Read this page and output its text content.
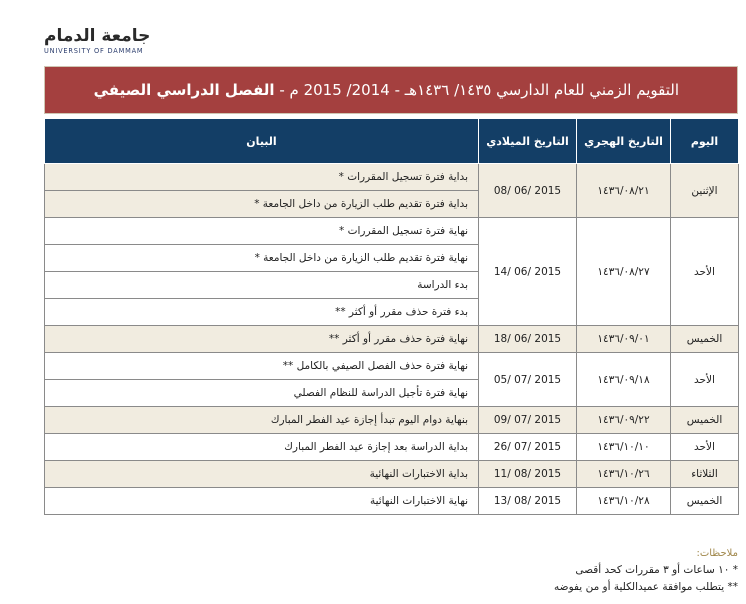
جامعة الدمام
UNIVERSITY OF DAMMAM
التقويم الزمني للعام الدارسي ١٤٣٥/ ١٤٣٦هـ - 2014/ 2015 م - الفصل الدراسي الصيفي
اليوم	التاريخ الهجري	التاريخ الميلادي	البيان
الإثنين	١٤٣٦/٠٨/٢١	2015 /06 /08	بداية فترة تسجيل المقررات *
			بداية فترة تقديم طلب الزيارة من داخل الجامعة *
الأحد	١٤٣٦/٠٨/٢٧	2015 /06 /14	نهاية فترة تسجيل المقررات *
			نهاية فترة تقديم طلب الزيارة من داخل الجامعة *
			بدء الدراسة
			بدء فترة حذف مقرر أو أكثر **
الخميس	١٤٣٦/٠٩/٠١	2015 /06 /18	نهاية فترة حذف مقرر أو أكثر **
الأحد	١٤٣٦/٠٩/١٨	2015 /07 /05	نهاية فترة حذف الفصل الصيفي بالكامل **
			نهاية فترة تأجيل الدراسة للنظام الفصلي
الخميس	١٤٣٦/٠٩/٢٢	2015 /07 /09	بنهاية دوام اليوم تبدأ إجازة عيد الفطر المبارك
الأحد	١٤٣٦/١٠/١٠	2015 /07 /26	بداية الدراسة بعد إجازة عيد الفطر المبارك
الثلاثاء	١٤٣٦/١٠/٢٦	2015 /08 /11	بداية الاختبارات النهائية
الخميس	١٤٣٦/١٠/٢٨	2015 /08 /13	نهاية الاختبارات النهائية
ملاحظات:
* ١٠ ساعات أو ٣ مقررات كحد أقصى
** يتطلب موافقة عميدالكلية أو من يفوضه
